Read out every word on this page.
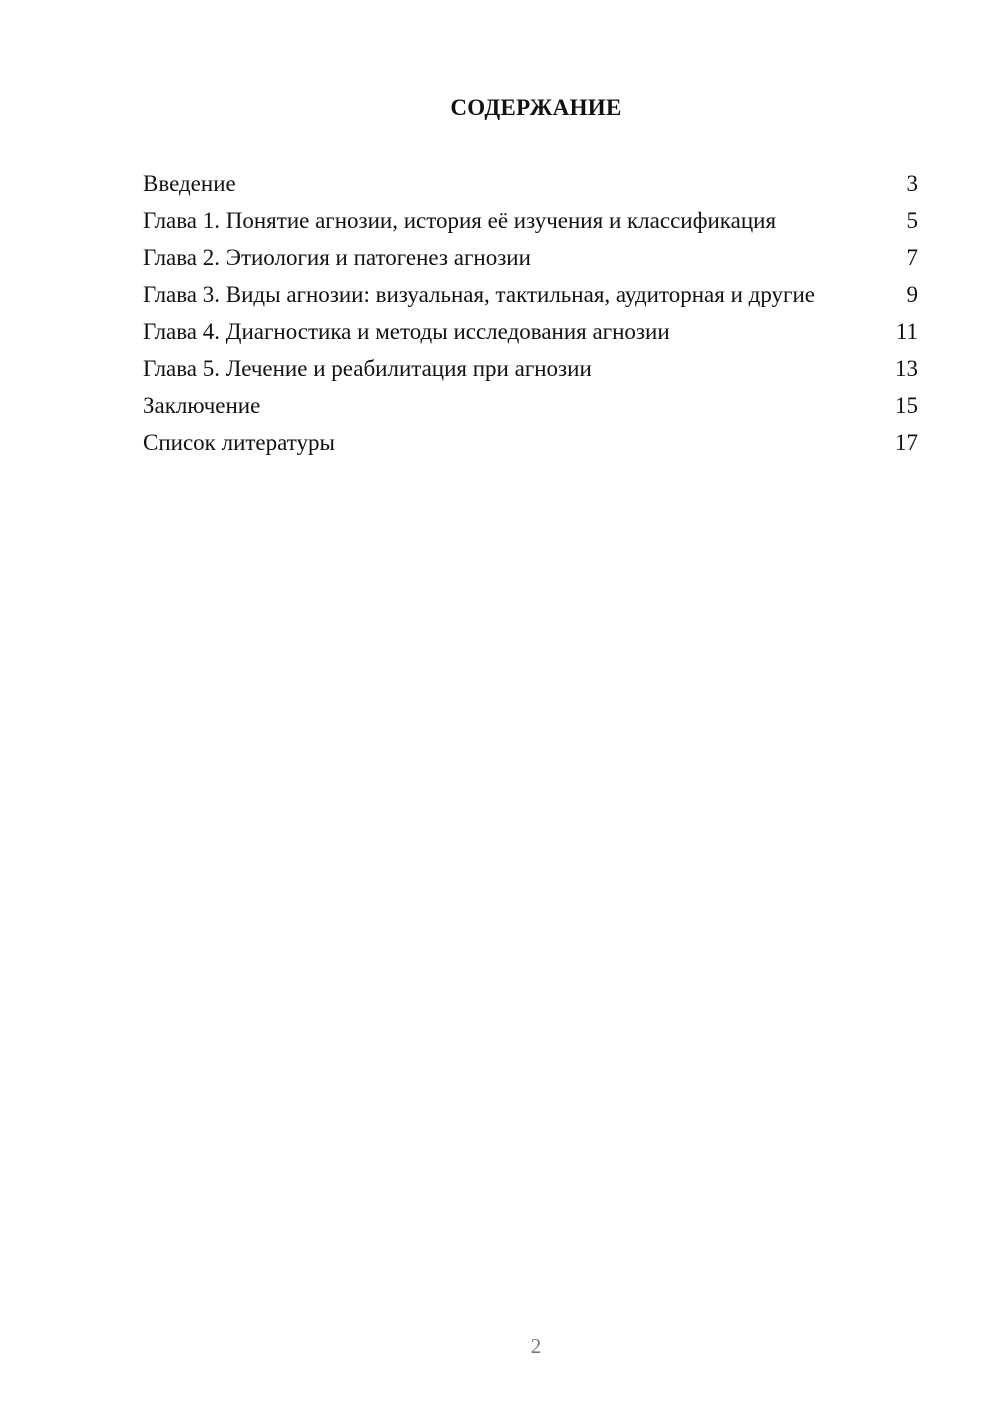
СОДЕРЖАНИЕ
Введение	3
Глава 1. Понятие агнозии, история её изучения и классификация	5
Глава 2. Этиология и патогенез агнозии	7
Глава 3. Виды агнозии: визуальная, тактильная, аудиторная и другие	9
Глава 4. Диагностика и методы исследования агнозии	11
Глава 5. Лечение и реабилитация при агнозии	13
Заключение	15
Список литературы	17
2
